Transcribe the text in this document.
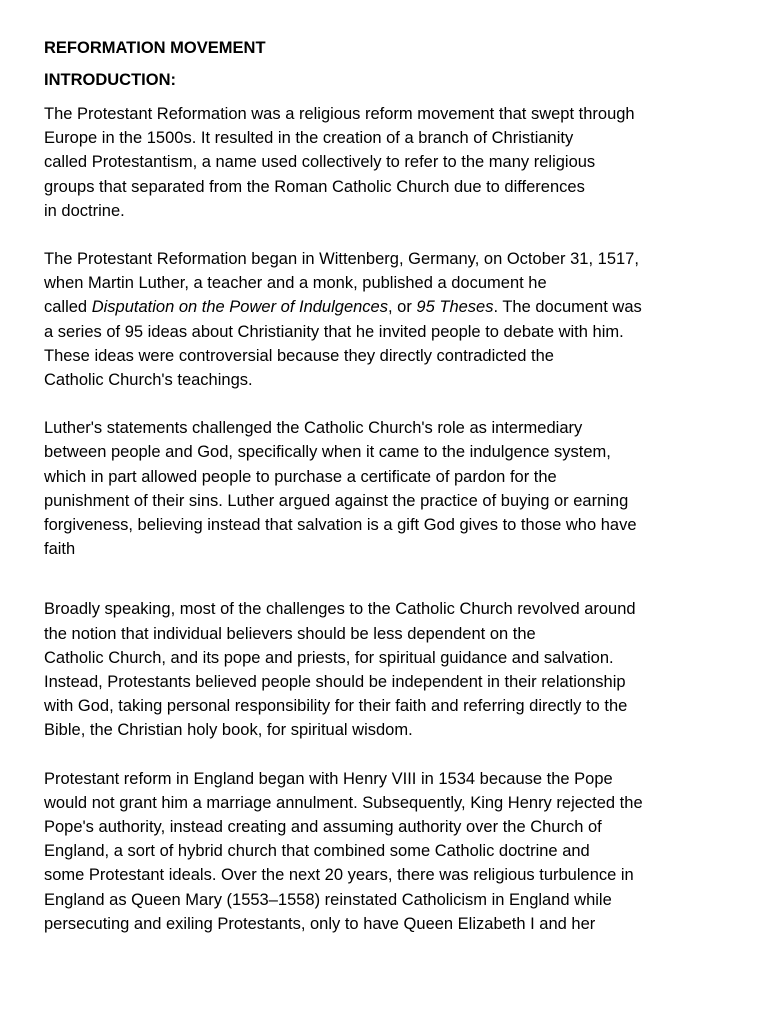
REFORMATION MOVEMENT

INTRODUCTION:

The Protestant Reformation was a religious reform movement that swept through
Europe in the 1500s. It resulted in the creation of a branch of Christianity
called Protestantism, a name used collectively to refer to the many religious
groups that separated from the Roman Catholic Church due to differences
in doctrine.

The Protestant Reformation began in Wittenberg, Germany, on October 31, 1517,
when Martin Luther, a teacher and a monk, published a document he
called Disputation on the Power of Indulgences, or 95 Theses. The document was
a series of 95 ideas about Christianity that he invited people to debate with him.
These ideas were controversial because they directly contradicted the
Catholic Church's teachings.

Luther's statements challenged the Catholic Church's role as intermediary
between people and God, specifically when it came to the indulgence system,
which in part allowed people to purchase a certificate of pardon for the
punishment of their sins. Luther argued against the practice of buying or earning
forgiveness, believing instead that salvation is a gift God gives to those who have
faith

Broadly speaking, most of the challenges to the Catholic Church revolved around
the notion that individual believers should be less dependent on the
Catholic Church, and its pope and priests, for spiritual guidance and salvation.
Instead, Protestants believed people should be independent in their relationship
with God, taking personal responsibility for their faith and referring directly to the
Bible, the Christian holy book, for spiritual wisdom.

Protestant reform in England began with Henry VIII in 1534 because the Pope
would not grant him a marriage annulment. Subsequently, King Henry rejected the
Pope's authority, instead creating and assuming authority over the Church of
England, a sort of hybrid church that combined some Catholic doctrine and
some Protestant ideals. Over the next 20 years, there was religious turbulence in
England as Queen Mary (1553–1558) reinstated Catholicism in England while
persecuting and exiling Protestants, only to have Queen Elizabeth I and her
